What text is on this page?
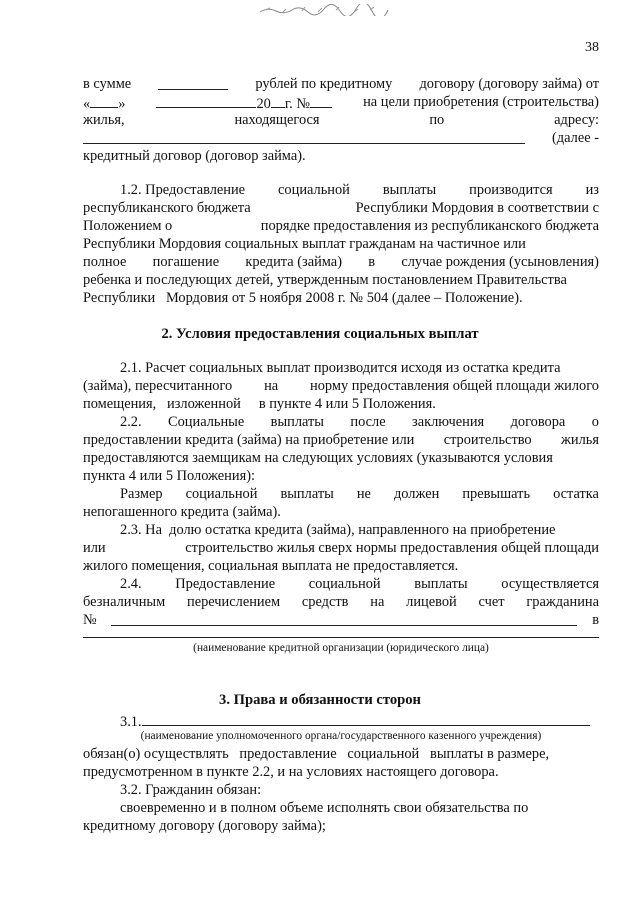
38
в сумме	рублей по кредитному договору (договору займа) от
« »	20 г. №	на цели приобретения (строительства)
жилья,	находящегося	по	адресу:
(далее -
кредитный договор (договор займа).
1.2. Предоставление социальной выплаты производится из
республиканского бюджета	Республики Мордовия в соответствии с
Положением о	порядке предоставления из республиканского бюджета
Республики Мордовия социальных выплат гражданам на частичное или
полное погашение кредита (займа) в случае рождения (усыновления)
ребенка и последующих детей, утвержденным постановлением Правительства
Республики   Мордовия от 5 ноября 2008 г. № 504 (далее – Положение).
2. Условия предоставления социальных выплат
2.1. Расчет социальных выплат производится исходя из остатка кредита
(займа), пересчитанного на норму предоставления общей площади жилого
помещения,   изложенной     в пункте 4 или 5 Положения.
2.2. Социальные выплаты после заключения договора о
предоставлении кредита (займа) на приобретение или строительство жилья
предоставляются заемщикам на следующих условиях (указываются условия
пункта 4 или 5 Положения):
Размер социальной выплаты не должен превышать остатка
непогашенного кредита (займа).
2.3. На  долю остатка кредита (займа), направленного на приобретение
или	строительство жилья сверх нормы предоставления общей площади
жилого помещения, социальная выплата не предоставляется.
2.4. Предоставление социальной выплаты осуществляется
безналичным перечислением средств на лицевой счет гражданина
№	в
(наименование кредитной организации (юридического лица)
3. Права и обязанности сторон
3.1.
(наименование уполномоченного органа/государственного казенного учреждения)
обязан(о) осуществлять   предоставление   социальной   выплаты в размере,
предусмотренном в пункте 2.2, и на условиях настоящего договора.
3.2. Гражданин обязан:
своевременно и в полном объеме исполнять свои обязательства по
кредитному договору (договору займа);
